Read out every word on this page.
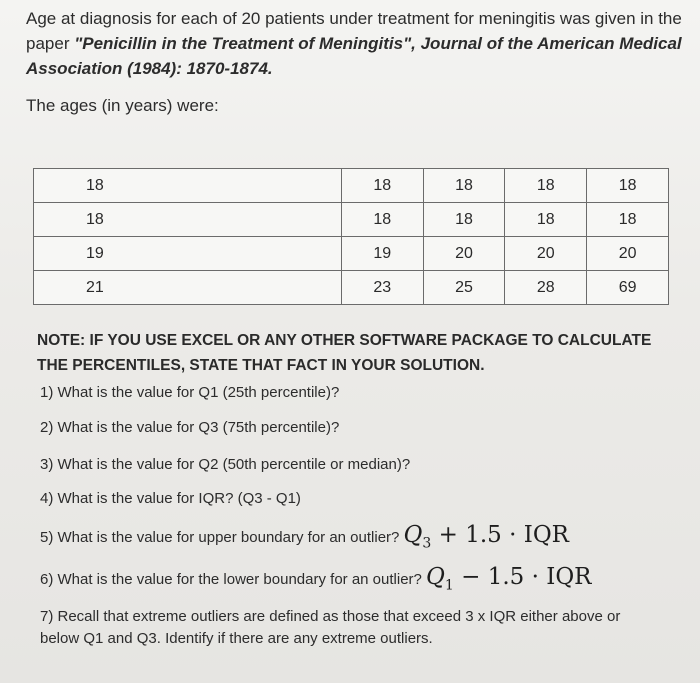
Age at diagnosis for each of 20 patients under treatment for meningitis was given in the paper "Penicillin in the Treatment of Meningitis", Journal of the American Medical Association (1984): 1870-1874.
The ages (in years) were:
18	18	18	18	18
18	18	18	18	18
19	19	20	20	20
21	23	25	28	69
NOTE: IF YOU USE EXCEL OR ANY OTHER SOFTWARE PACKAGE TO CALCULATE THE PERCENTILES, STATE THAT FACT IN YOUR SOLUTION.
1) What is the value for Q1 (25th percentile)?
2) What is the value for Q3 (75th percentile)?
3) What is the value for Q2 (50th percentile or median)?
4) What is the value for IQR? (Q3 - Q1)
5) What is the value for upper boundary for an outlier? $Q_3 + 1.5$ · IQR
6) What is the value for the lower boundary for an outlier? $Q_1 - 1.5$ · IQR
7) Recall that extreme outliers are defined as those that exceed 3 x IQR either above or below Q1 and Q3. Identify if there are any extreme outliers.
